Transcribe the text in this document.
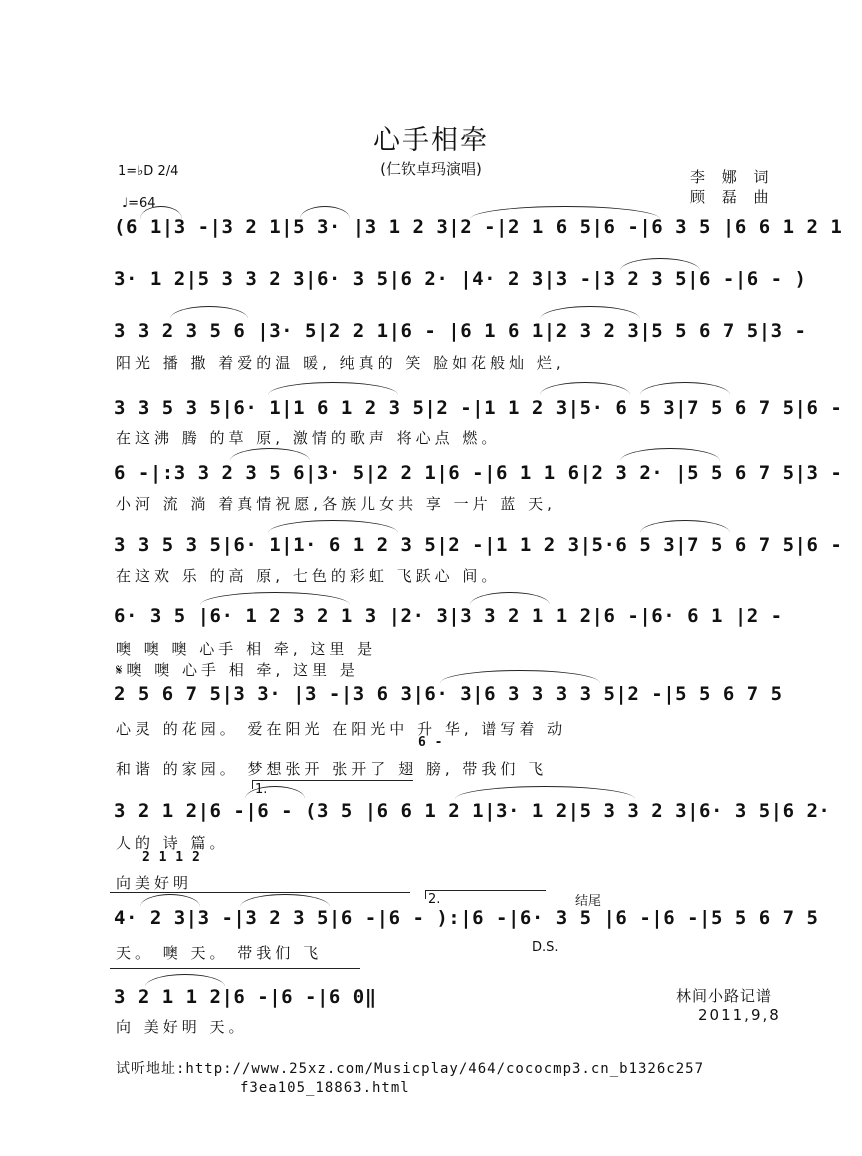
心手相牵
(仁钦卓玛演唱)	李 娜 词
顾 磊 曲
1=♭D 2/4
♩=64
(6 1|3 -|3 2 1|5 3· |3 1 2 3|2 -|2 1 6 5|6 -|6 3 5 |6 6 1 2 1
3· 1 2|5 3 3 2 3|6· 3 5|6 2· |4· 2 3|3 -|3 2 3 5|6 -|6 - )
3 3 2 3 5 6 |3· 5|2 2 1|6 - |6 1 6 1|2 3 2 3|5 5 6 7 5|3 -
阳光 播 撒 着爱的温 暖, 纯真的 笑 脸如花般灿 烂,
3 3 5 3 5|6· 1|1 6 1 2 3 5|2 -|1 1 2 3|5· 6 5 3|7 5 6 7 5|6 -
在这沸 腾 的草 原, 激情的歌声 将心点 燃。
6 -|:3 3 2 3 5 6|3· 5|2 2 1|6 -|6 1 1 6|2 3 2· |5 5 6 7 5|3 -
小河 流 淌 着真情祝愿,各族儿女共 享 一片 蓝 天,
3 3 5 3 5|6· 1|1· 6 1 2 3 5|2 -|1 1 2 3|5·6 5 3|7 5 6 7 5|6 -
在这欢 乐 的高 原, 七色的彩虹 飞跃心 间。
6· 3 5 |6· 1 2 3 2 1 3 |2· 3|3 3 2 1 1 2|6 -|6· 6 1 |2 -
噢 噢 噢 心手 相 牵, 这里 是
𝄋噢 噢 心手 相 牵, 这里 是
2 5 6 7 5|3 3· |3 -|3 6 3|6· 3|6 3 3 3 3 5|2 -|5 5 6 7 5
心灵 的花园。 爱在阳光 在阳光中 升 华, 谱写着 动
6 -
和谐 的家园。 梦想张开 张开了 翅 膀, 带我们 飞
1.
3 2 1 2|6 -|6 - (3 5 |6 6 1 2 1|3· 1 2|5 3 3 2 3|6· 3 5|6 2·
人的 诗 篇。
2 1 1 2
向美好明
2.	结尾
4· 2 3|3 -|3 2 3 5|6 -|6 - ):|6 -|6· 3 5 |6 -|6 -|5 5 6 7 5
天。 噢 天。 带我们 飞	D.S.
3 2 1 1 2|6 -|6 -|6 0‖
向 美好明 天。
林间小路记谱
2011,9,8
试听地址:http://www.25xz.com/Musicplay/464/cococmp3.cn_b1326c257
f3ea105_18863.html
